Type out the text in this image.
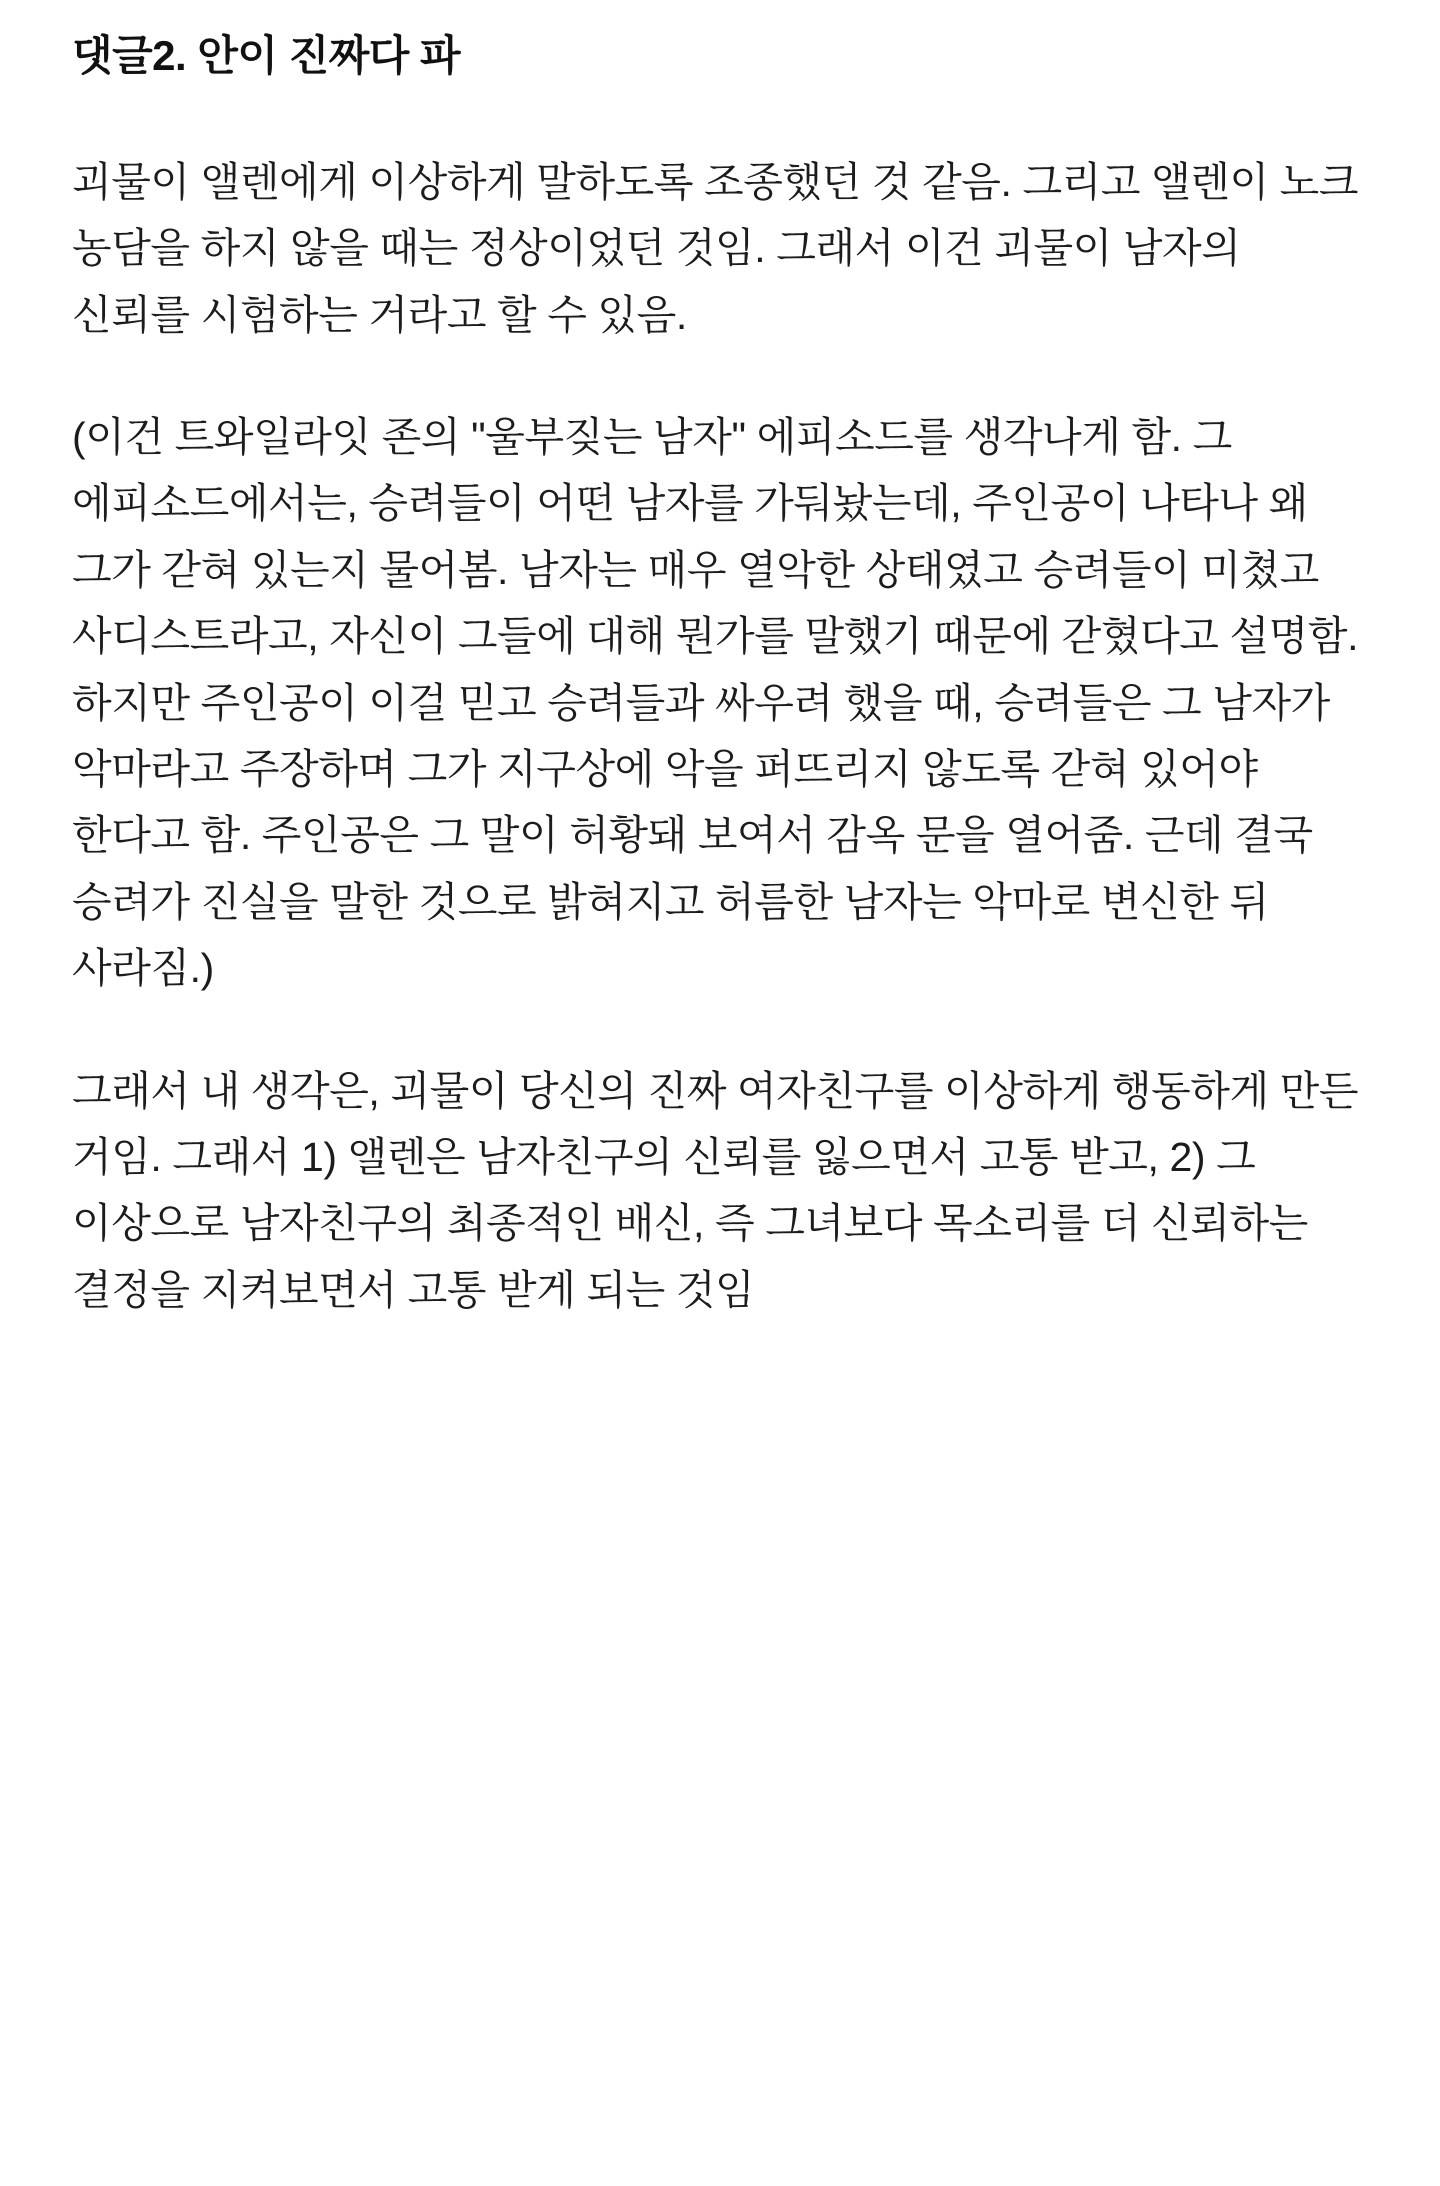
댓글2. 안이 진짜다 파

괴물이 앨렌에게 이상하게 말하도록 조종했던 것 같음. 그리고 앨렌이 노크 농담을 하지 않을 때는 정상이었던 것임. 그래서 이건 괴물이 남자의 신뢰를 시험하는 거라고 할 수 있음.

(이건 트와일라잇 존의 "울부짖는 남자" 에피소드를 생각나게 함. 그 에피소드에서는, 승려들이 어떤 남자를 가둬놨는데, 주인공이 나타나 왜 그가 갇혀 있는지 물어봄. 남자는 매우 열악한 상태였고 승려들이 미쳤고 사디스트라고, 자신이 그들에 대해 뭔가를 말했기 때문에 갇혔다고 설명함. 하지만 주인공이 이걸 믿고 승려들과 싸우려 했을 때, 승려들은 그 남자가 악마라고 주장하며 그가 지구상에 악을 퍼뜨리지 않도록 갇혀 있어야 한다고 함. 주인공은 그 말이 허황돼 보여서 감옥 문을 열어줌. 근데 결국 승려가 진실을 말한 것으로 밝혀지고 허름한 남자는 악마로 변신한 뒤 사라짐.)

그래서 내 생각은, 괴물이 당신의 진짜 여자친구를 이상하게 행동하게 만든 거임. 그래서 1) 앨렌은 남자친구의 신뢰를 잃으면서 고통 받고, 2) 그 이상으로 남자친구의 최종적인 배신, 즉 그녀보다 목소리를 더 신뢰하는 결정을 지켜보면서 고통 받게 되는 것임
